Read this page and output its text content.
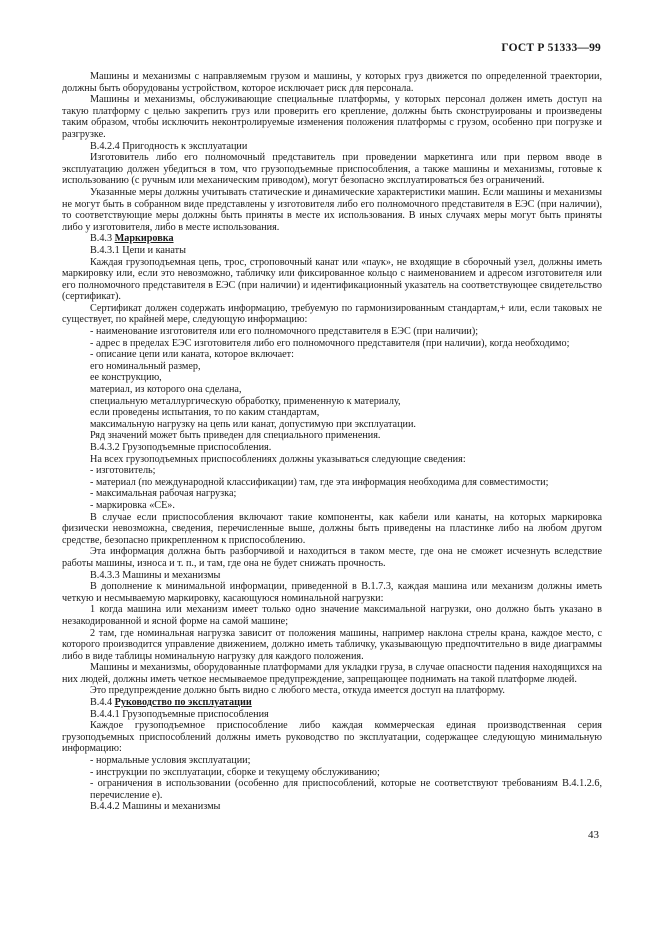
ГОСТ Р 51333—99

Машины и механизмы с направляемым грузом и машины, у которых груз движется по определенной траектории, должны быть оборудованы устройством, которое исключает риск для персонала.

Машины и механизмы, обслуживающие специальные платформы, у которых персонал должен иметь доступ на такую платформу с целью закрепить груз или проверить его крепление, должны быть сконструированы и произведены таким образом, чтобы исключить неконтролируемые изменения положения платформы с грузом, особенно при погрузке и разгрузке.

В.4.2.4 Пригодность к эксплуатации

Изготовитель либо его полномочный представитель при проведении маркетинга или при первом вводе в эксплуатацию должен убедиться в том, что грузоподъемные приспособления, а также машины и механизмы, готовые к использованию (с ручным или механическим приводом), могут безопасно эксплуатироваться без ограничений.

Указанные меры должны учитывать статические и динамические характеристики машин. Если машины и механизмы не могут быть в собранном виде представлены у изготовителя либо его полномочного представителя в ЕЭС (при наличии), то соответствующие меры должны быть приняты в месте их использования. В иных случаях меры могут быть приняты либо у изготовителя, либо в месте использования.

В.4.3 Маркировка

В.4.3.1 Цепи и канаты

Каждая грузоподъемная цепь, трос, строповочный канат или «паук», не входящие в сборочный узел, должны иметь маркировку или, если это невозможно, табличку или фиксированное кольцо с наименованием и адресом изготовителя или его полномочного представителя в ЕЭС (при наличии) и идентификационный указатель на соответствующее свидетельство (сертификат).

Сертификат должен содержать информацию, требуемую по гармонизированным стандартам,+ или, если таковых не существует, по крайней мере, следующую информацию:

- наименование изготовителя или его полномочного представителя в ЕЭС (при наличии);

- адрес в пределах ЕЭС изготовителя либо его полномочного представителя (при наличии), когда необходимо;

- описание цепи или каната, которое включает:

его номинальный размер,

ее конструкцию,

материал, из которого она сделана,

специальную металлургическую обработку, примененную к материалу,

если проведены испытания, то по каким стандартам,

максимальную нагрузку на цепь или канат, допустимую при эксплуатации.

Ряд значений может быть приведен для специального применения.

В.4.3.2 Грузоподъемные приспособления.

На всех грузоподъемных приспособлениях должны указываться следующие сведения:

- изготовитель;

- материал (по международной классификации) там, где эта информация необходима для совместимости;

- максимальная рабочая нагрузка;

- маркировка «СЕ».

В случае если приспособления включают такие компоненты, как кабели или канаты, на которых маркировка физически невозможна, сведения, перечисленные выше, должны быть приведены на пластинке либо на любом другом средстве, безопасно прикрепленном к приспособлению.

Эта информация должна быть разборчивой и находиться в таком месте, где она не сможет исчезнуть вследствие работы машины, износа и т. п., и там, где она не будет снижать прочность.

В.4.3.3 Машины и механизмы

В дополнение к минимальной информации, приведенной в В.1.7.3, каждая машина или механизм должны иметь четкую и несмываемую маркировку, касающуюся номинальной нагрузки:

1 когда машина или механизм имеет только одно значение максимальной нагрузки, оно должно быть указано в незакодированной и ясной форме на самой машине;

2 там, где номинальная нагрузка зависит от положения машины, например наклона стрелы крана, каждое место, с которого производится управление движением, должно иметь табличку, указывающую предпочтительно в виде диаграммы либо в виде таблицы номинальную нагрузку для каждого положения.

Машины и механизмы, оборудованные платформами для укладки груза, в случае опасности падения находящихся на них людей, должны иметь четкое несмываемое предупреждение, запрещающее поднимать на такой платформе людей.

Это предупреждение должно быть видно с любого места, откуда имеется доступ на платформу.

В.4.4 Руководство по эксплуатации

В.4.4.1 Грузоподъемные приспособления

Каждое грузоподъемное приспособление либо каждая коммерческая единая производственная серия грузоподъемных приспособлений должны иметь руководство по эксплуатации, содержащее следующую минимальную информацию:

- нормальные условия эксплуатации;

- инструкции по эксплуатации, сборке и текущему обслуживанию;

- ограничения в использовании (особенно для приспособлений, которые не соответствуют требованиям В.4.1.2.6, перечисление е).

В.4.4.2 Машины и механизмы

43
